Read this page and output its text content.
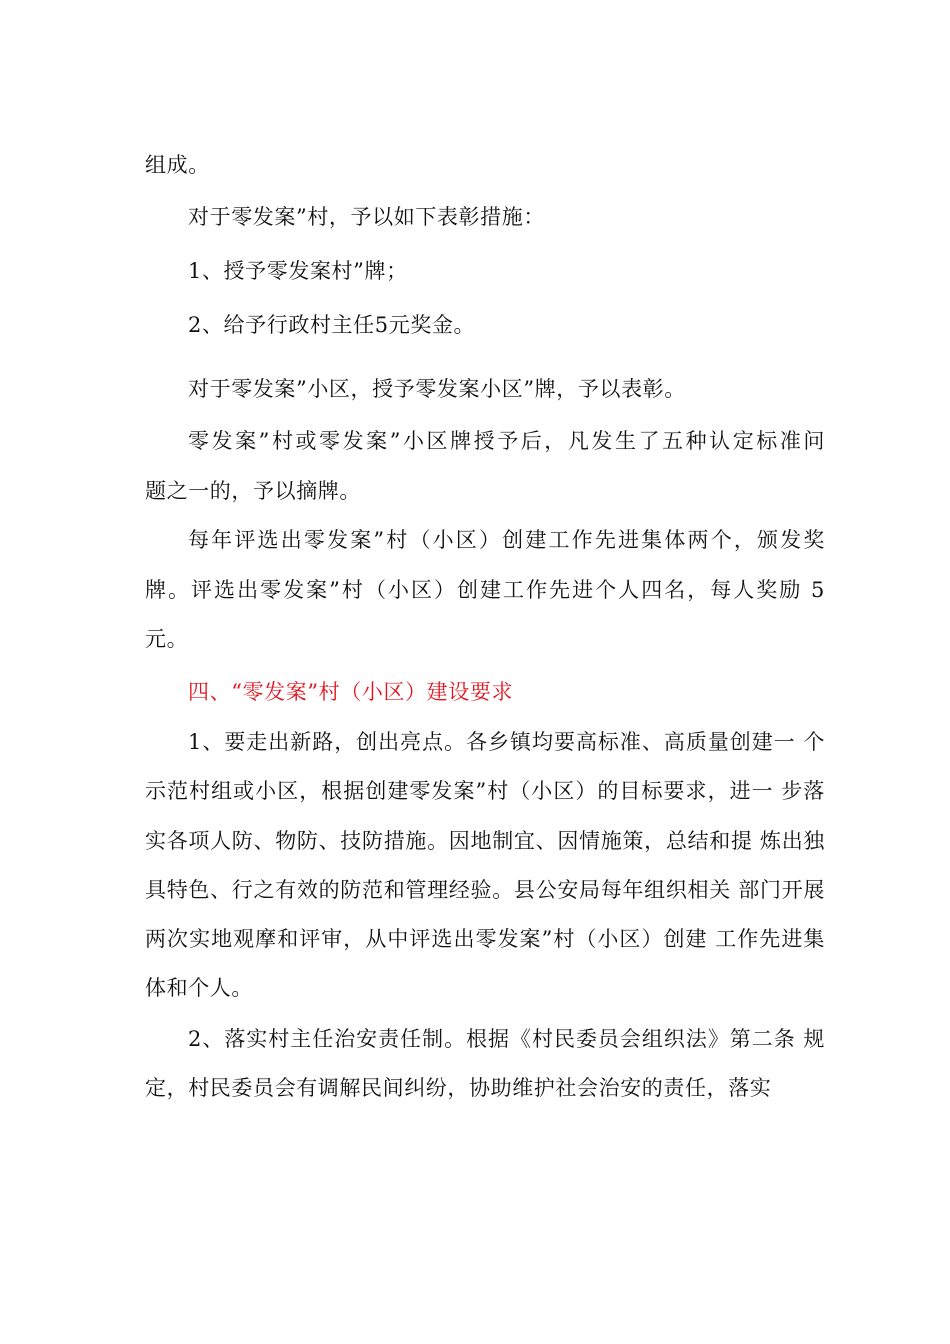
组成。
对于零发案”村，予以如下表彰措施：
1、授予零发案村”牌；
2、给予行政村主任5元奖金。
对于零发案”小区，授予零发案小区”牌，予以表彰。
零发案”村或零发案”小区牌授予后，凡发生了五种认定标准问
题之一的，予以摘牌。
每年评选出零发案”村（小区）创建工作先进集体两个，颁发奖
牌。评选出零发案”村（小区）创建工作先进个人四名，每人奖励 5
元。
四、“零发案”村（小区）建设要求
1、要走出新路，创出亮点。各乡镇均要高标准、高质量创建一 个
示范村组或小区，根据创建零发案”村（小区）的目标要求，进一 步落
实各项人防、物防、技防措施。因地制宜、因情施策，总结和提 炼出独
具特色、行之有效的防范和管理经验。县公安局每年组织相关 部门开展
两次实地观摩和评审，从中评选出零发案”村（小区）创建 工作先进集
体和个人。
2、落实村主任治安责任制。根据《村民委员会组织法》第二条 规
定，村民委员会有调解民间纠纷，协助维护社会治安的责任，落实
